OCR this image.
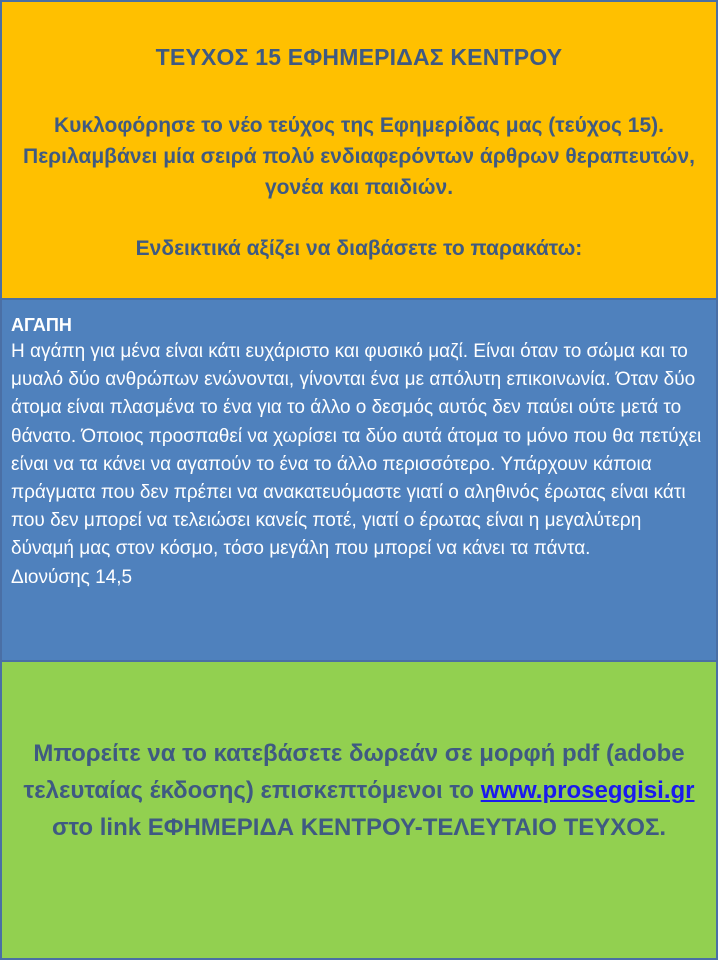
ΤΕΥΧΟΣ 15 ΕΦΗΜΕΡΙΔΑΣ ΚΕΝΤΡΟΥ
Κυκλοφόρησε το νέο τεύχος της Εφημερίδας μας (τεύχος 15). Περιλαμβάνει μία σειρά πολύ ενδιαφερόντων άρθρων θεραπευτών, γονέα και παιδιών.
Ενδεικτικά αξίζει να διαβάσετε το παρακάτω:
ΑΓΑΠΗ

Η αγάπη για μένα είναι κάτι ευχάριστο και φυσικό μαζί. Είναι όταν το σώμα και το μυαλό δύο ανθρώπων ενώνονται, γίνονται ένα με απόλυτη επικοινωνία. Όταν δύο άτομα είναι πλασμένα το ένα για το άλλο ο δεσμός αυτός δεν παύει ούτε μετά το θάνατο. Όποιος προσπαθεί να χωρίσει τα δύο αυτά άτομα το μόνο που θα πετύχει είναι να τα κάνει να αγαπούν το ένα το άλλο περισσότερο. Υπάρχουν κάποια πράγματα που δεν πρέπει να ανακατευόμαστε γιατί ο αληθινός έρωτας είναι κάτι που δεν μπορεί να τελειώσει κανείς ποτέ, γιατί ο έρωτας είναι η μεγαλύτερη δύναμή μας στον κόσμο, τόσο μεγάλη που μπορεί να κάνει τα πάντα.

Διονύσης 14,5

Μπορείτε να το κατεβάσετε δωρεάν σε μορφή pdf (adobe τελευταίας έκδοσης) επισκεπτόμενοι το www.proseggisi.gr στο link ΕΦΗΜΕΡΙΔΑ ΚΕΝΤΡΟΥ-ΤΕΛΕΥΤΑΙΟ ΤΕΥΧΟΣ.
